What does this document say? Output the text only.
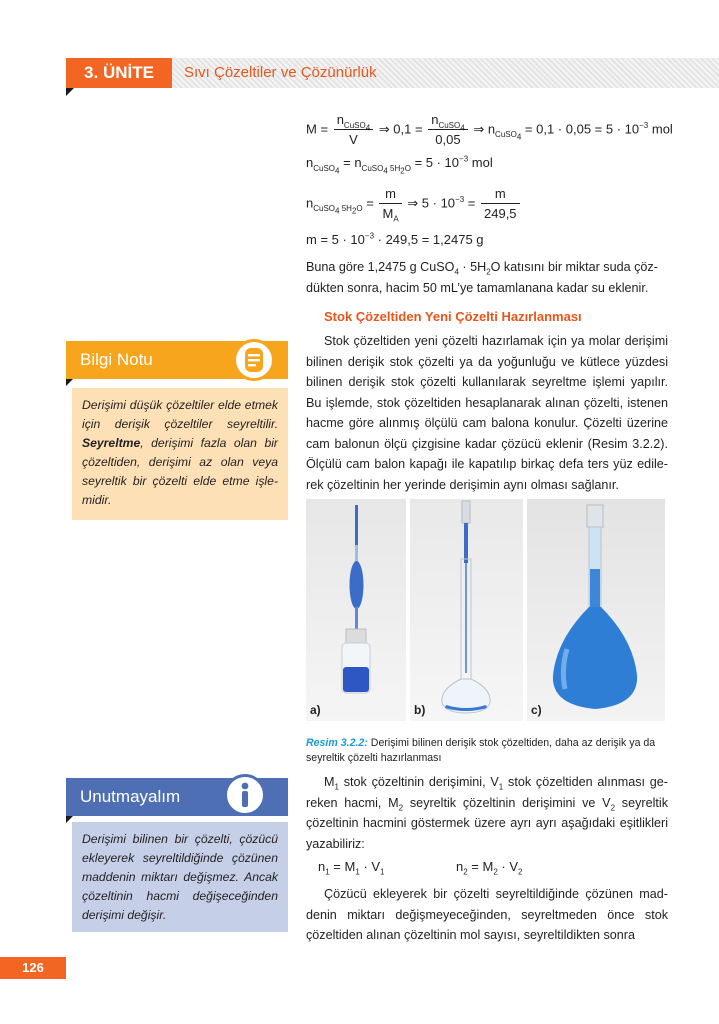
3. ÜNİTE	Sıvı Çözeltiler ve Çözünürlük
$M = \frac{n_{CuSO_4}}{V}$ ⇒ $0,1 = \frac{n_{CuSO_4}}{0,05}$ ⇒ $n_{CuSO_4} = 0,1 \cdot 0,05 = 5 \cdot 10^{-3}$ mol
$n_{CuSO_4} = n_{CuSO_4 5H_2O} = 5 \cdot 10^{-3}$ mol
$n_{CuSO_4 5H_2O} = \frac{m}{M_A}$ ⇒ $5 \cdot 10^{-3} = \frac{m}{249,5}$
$m = 5 \cdot 10^{-3} \cdot 249,5 = 1,2475$ g
Buna göre 1,2475 g CuSO$_4$ · $5H_2O$ katısını bir miktar suda çöz-
dükten sonra, hacim 50 mL’ye tamamlanana kadar su eklenir.
Stok Çözeltiden Yeni Çözelti Hazırlanması
Stok çözeltiden yeni çözelti hazırlamak için ya molar derişimi bilinen derişik stok çözelti ya da yoğunluğu ve kütlece yüzdesi bilinen derişik stok çözelti kullanılarak seyreltme işlemi yapılır. Bu işlemde, stok çözeltiden hesaplanarak alınan çözelti, istenen hacme göre alınmış ölçülü cam balona konulur. Çözelti üzerine cam balonun ölçü çizgisine kadar çözücü eklenir (Resim 3.2.2). Ölçülü cam balon kapağı ile kapatılıp birkaç defa ters yüz edilerek çözeltinin her yerinde derişimin aynı olması sağlanır.
Bilgi Notu
Derişimi düşük çözeltiler elde etmek için derişik çözeltiler seyreltilir. Seyreltme, derişimi fazla olan bir çözeltiden, derişimi az olan veya seyreltik bir çözelti elde etme işlemidir.
Unutmayalım
Derişimi bilinen bir çözelti, çözücü ekleyerek seyreltildiğinde çözünen maddenin miktarı değişmez. Ancak çözeltinin hacmi değişeceğinden derişimi değişir.
a)	b)	c)
Resim 3.2.2: Derişimi bilinen derişik stok çözeltiden, daha az derişik ya da seyreltik çözelti hazırlanması
$M_1$ stok çözeltinin derişimini, $V_1$ stok çözeltiden alınması gereken hacmi, $M_2$ seyreltik çözeltinin derişimini ve $V_2$ seyreltik çözeltinin hacmini göstermek üzere ayrı ayrı aşağıdaki eşitlikleri yazabiliriz:
$n_1 = M_1 \cdot V_1$	$n_2 = M_2 \cdot V_2$
Çözücü ekleyerek bir çözelti seyreltildiğinde çözünen maddenin miktarı değişmeyeceğinden, seyreltmeden önce stok çözeltiden alınan çözeltinin mol sayısı, seyreltildikten sonra
126
